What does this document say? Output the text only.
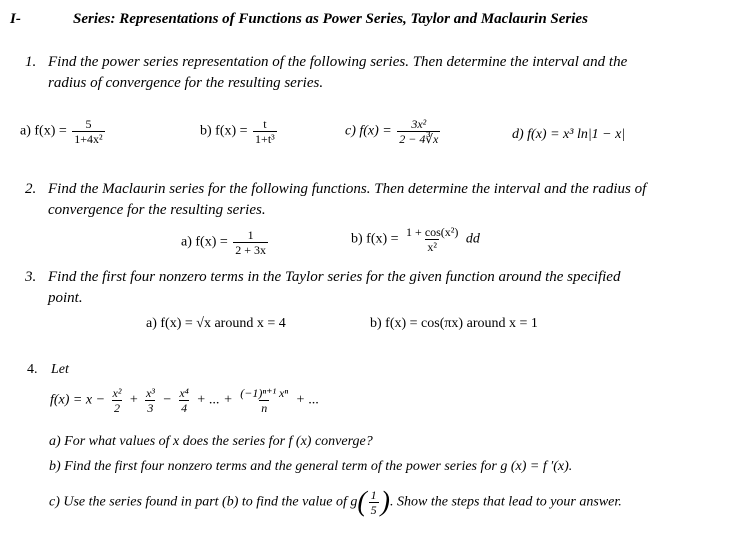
I-	Series: Representations of Functions as Power Series, Taylor and Maclaurin Series
1. Find the power series representation of the following series. Then determine the interval and the
radius of convergence for the resulting series.
a) $f(x) = \frac{5}{\text{1+4x²}}$	b) $f(x) = \frac{t}{\text{1+t³}}$	c) $f(x) = \frac{\text{3x²}}{2 - 4∛x}$	d) f(x) = x³ ln|1 − x|
2. Find the Maclaurin series for the following functions. Then determine the interval and the radius of
convergence for the resulting series.
a) $f(x) = \frac{1}{2 + 3x}$	b) $f(x) = \frac{\text{1 + cos(x²)}}{\text{x²}}$ dd
3. Find the first four nonzero terms in the Taylor series for the given function around the specified
point.
a) f(x) = √x around x = 4	b) f(x) = cos(πx) around x = 1
4. Let
$f(x) = x - \frac{\text{x²}}{2} + \frac{\text{x³}}{3} - \frac{\text{x⁴}}{4}$ + ... + $\frac{\text{(−1)ⁿ⁺¹ xⁿ}}{n}$ + ...
a) For what values of x does the series for f (x) converge?
b) Find the first four nonzero terms and the general term of the power series for g (x) = f ′(x).
c) Use the series found in part (b) to find the value of $g( \frac{1}{5}$ ). Show the steps that lead to your answer.
